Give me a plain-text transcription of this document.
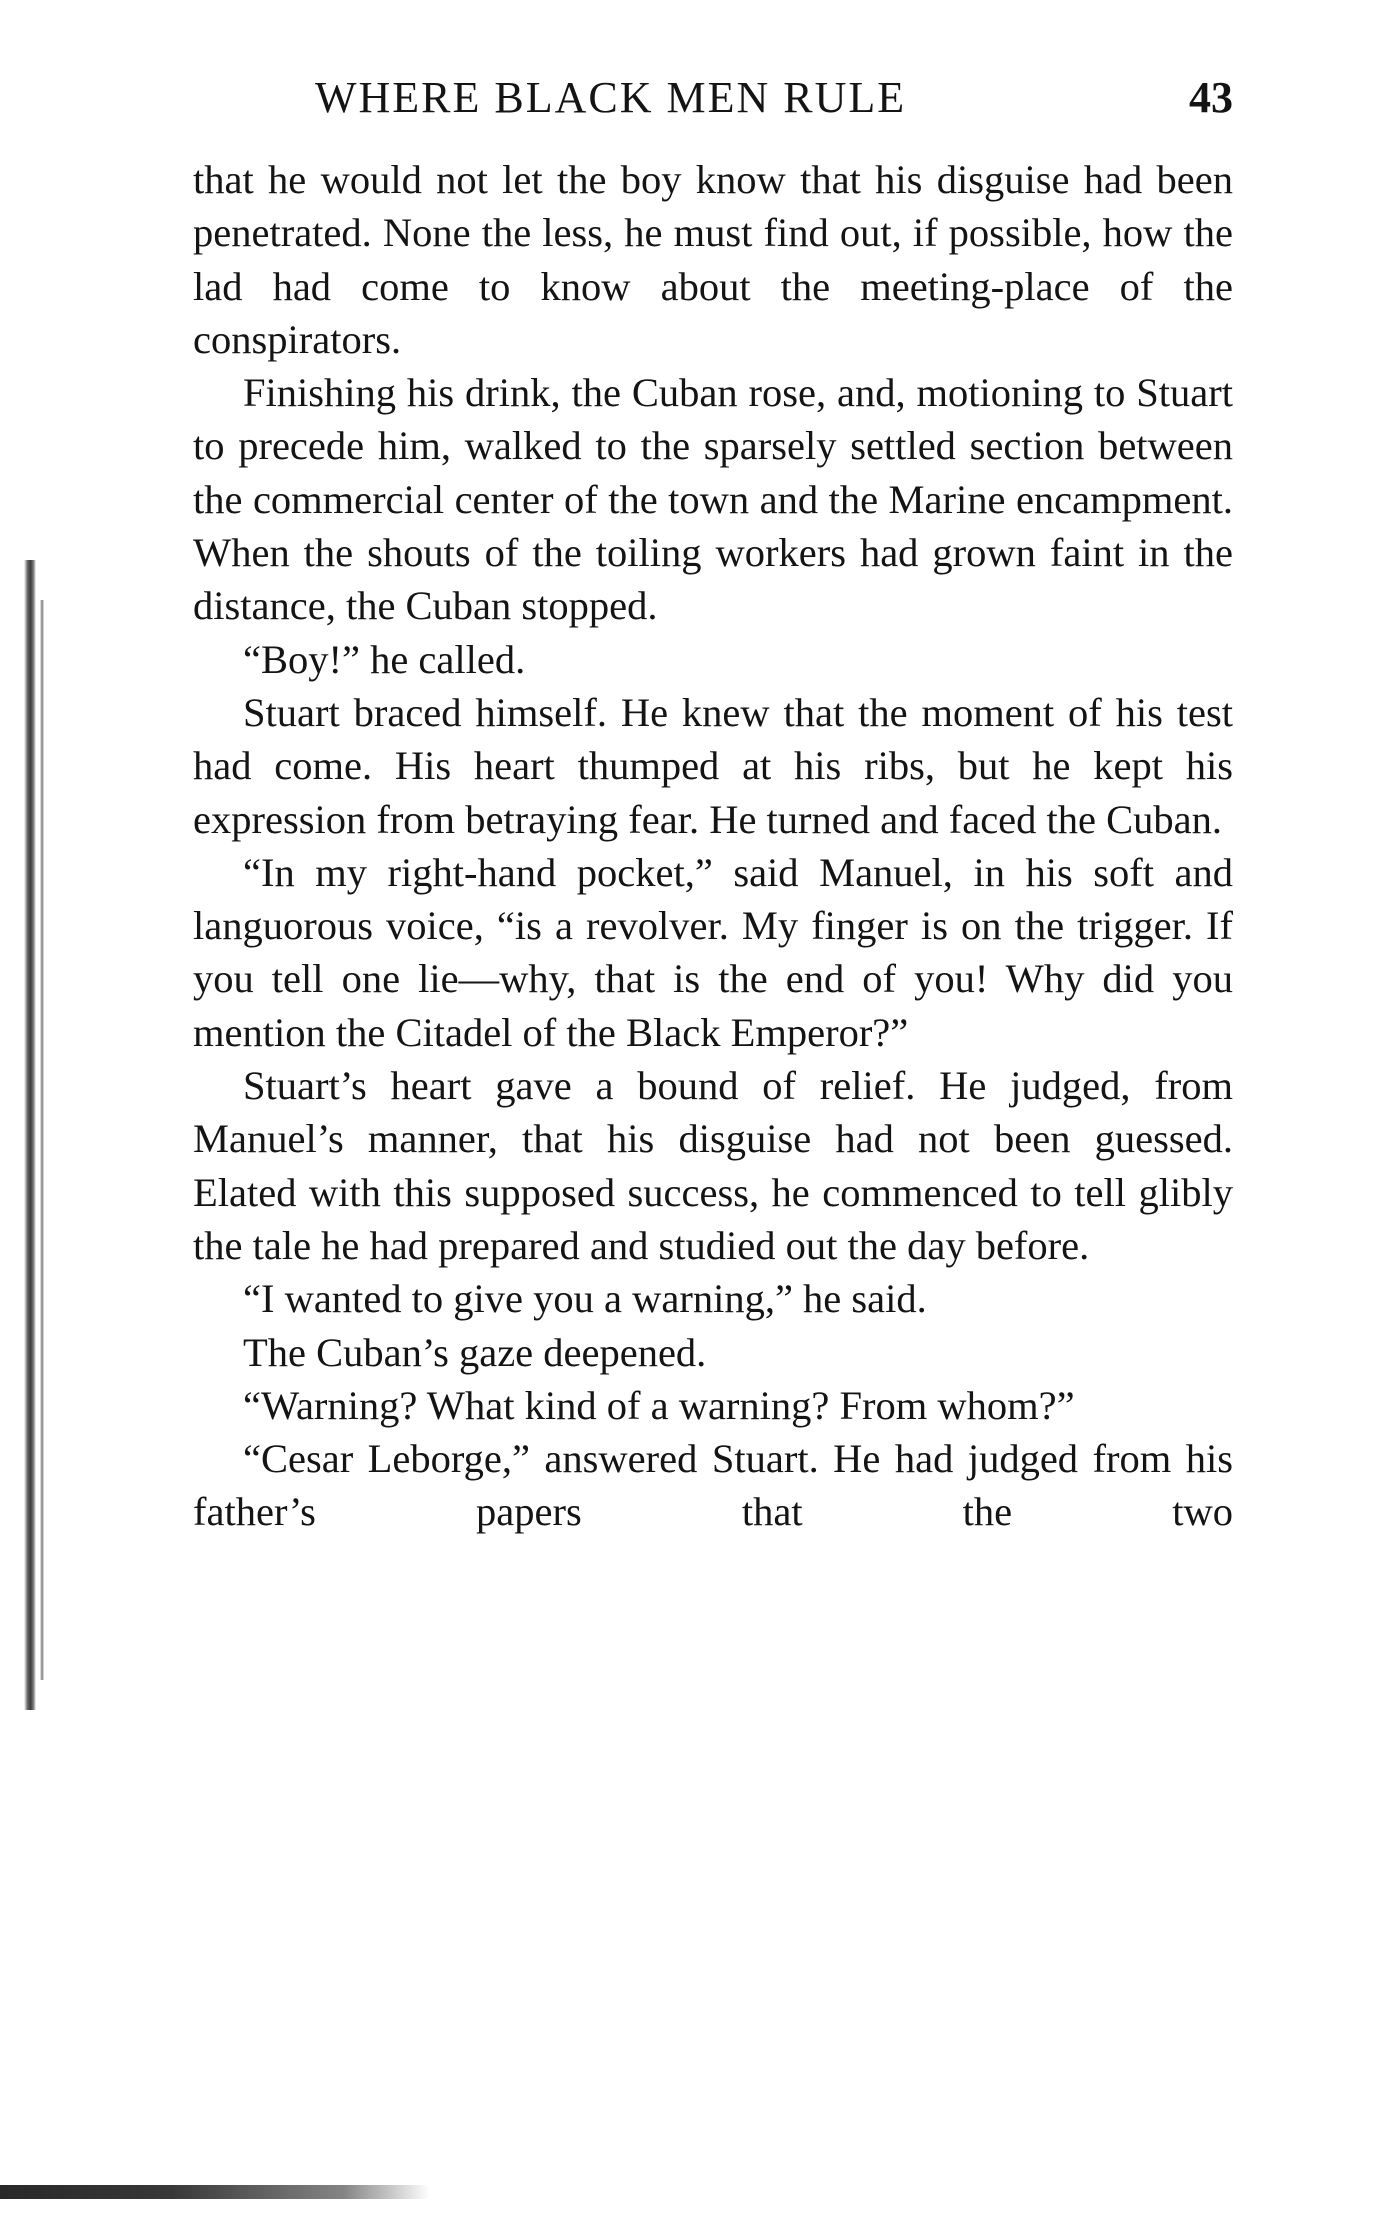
WHERE BLACK MEN RULE	43

that he would not let the boy know that his disguise had been penetrated. None the less, he must find out, if possible, how the lad had come to know about the meeting-place of the conspirators.

Finishing his drink, the Cuban rose, and, motioning to Stuart to precede him, walked to the sparsely settled section between the commercial center of the town and the Marine encampment. When the shouts of the toiling workers had grown faint in the distance, the Cuban stopped.

“Boy!” he called.

Stuart braced himself. He knew that the moment of his test had come. His heart thumped at his ribs, but he kept his expression from betraying fear. He turned and faced the Cuban.

“In my right-hand pocket,” said Manuel, in his soft and languorous voice, “is a revolver. My finger is on the trigger. If you tell one lie—why, that is the end of you! Why did you mention the Citadel of the Black Emperor?”

Stuart’s heart gave a bound of relief. He judged, from Manuel’s manner, that his disguise had not been guessed. Elated with this supposed success, he commenced to tell glibly the tale he had prepared and studied out the day before.

“I wanted to give you a warning,” he said.

The Cuban’s gaze deepened.

“Warning? What kind of a warning? From whom?”

“Cesar Leborge,” answered Stuart. He had judged from his father’s papers that the two
